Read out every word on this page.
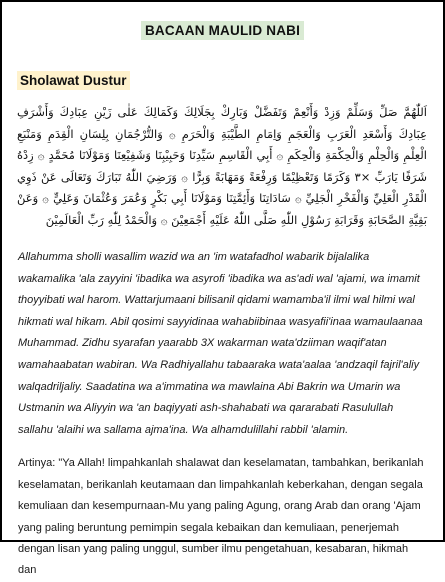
BACAAN MAULID NABI
Sholawat Dustur
اَللّٰهُمَّ صَلِّ وَسَلِّمْ وَزِدْ وَأَنْعِمْ وَتَفَضَّلْ وَبَارِكْ بِجَلَالِكَ وَكَمَالِكَ عَلٰى زَيْنِ عِبَادِكَ وَأَشْرَفِ عِبَادِكَ وَأَسْعَدِ الْعَرَبِ وَالْعَجَمِ وَاِمَامِ الطَّيْبَةِ وَالْحَرَمِ ۞ وَالتُّرْجُمَانِ بِلِسَانِ الْقِدَمِ وَمَنْبَعِ الْعِلْمِ وَالْحِلْمِ وَالْحِكْمَةِ وَالْحِكَمِ ۞ أَبِي الْقَاسِمِ سَيِّدِنَا وَحَبِيْبِنَا وَشَفِيْعِنَا وَمَوْلَانَا مُحَمَّدٍ ۞ زِدْهُ شَرَفًا يَارَبِّ ×٣ وَكَرَمًا وَتَعْظِيْمًا وَرِفْعَةً وَمَهَابَةً وَبِرًّا ۞ وَرَضِيَ اللّٰهُ تَبَارَكَ وَتَعَالَى عَنْ ذَوِي الْقَدْرِ الْعَلِيِّ وَالْفَخْرِ الْجَلِيِّ ۞ سَادَاتِنَا وَأَئِمَّتِنَا وَمَوْلَانَا أَبِي بَكْرٍ وَعُمَرَ وَعُثْمَانَ وَعَلِيٍّ ۞ وَعَنْ بَقِيَّةِ الصَّحَابَةِ وَقَرَابَةِ رَسُوْلِ اللّٰهِ صَلَّى اللّٰهُ عَلَيْهِ أَجْمَعِيْنَ ۞ وَالْحَمْدُ لِلّٰهِ رَبِّ الْعَالَمِيْنَ
Allahumma sholli wasallim wazid wa an 'im watafadhol wabarik bijalalika wakamalika 'ala zayyini 'ibadika wa asyrofi 'ibadika wa as'adi wal 'ajami, wa imamit thoyyibati wal harom. Wattarjumaani bilisanil qidami wamamba'il ilmi wal hilmi wal hikmati wal hikam. Abil qosimi sayyidinaa wahabiibinaa wasyafii'inaa wamaulaanaa Muhammad. Zidhu syarafan yaarabb 3X wakarman wata'dziiman waqif'atan wamahaabatan wabiran. Wa Radhiyallahu tabaaraka wata'aalaa 'andzaqil fajril'aliy walqadriljaliy. Saadatina wa a'immatina wa mawlaina Abi Bakrin wa Umarin wa Ustmanin wa Aliyyin wa 'an baqiyyati ash-shahabati wa qararabati Rasulullah sallahu 'alaihi wa sallama ajma'ina. Wa alhamdulillahi rabbil 'alamin.
Artinya: "Ya Allah! limpahkanlah shalawat dan keselamatan, tambahkan, berikanlah keselamatan, berikanlah keutamaan dan limpahkanlah keberkahan, dengan segala kemuliaan dan kesempurnaan-Mu yang paling Agung, orang Arab dan orang 'Ajam yang paling beruntung pemimpin segala kebaikan dan kemuliaan, penerjemah dengan lisan yang paling unggul, sumber ilmu pengetahuan, kesabaran, hikmah dan
